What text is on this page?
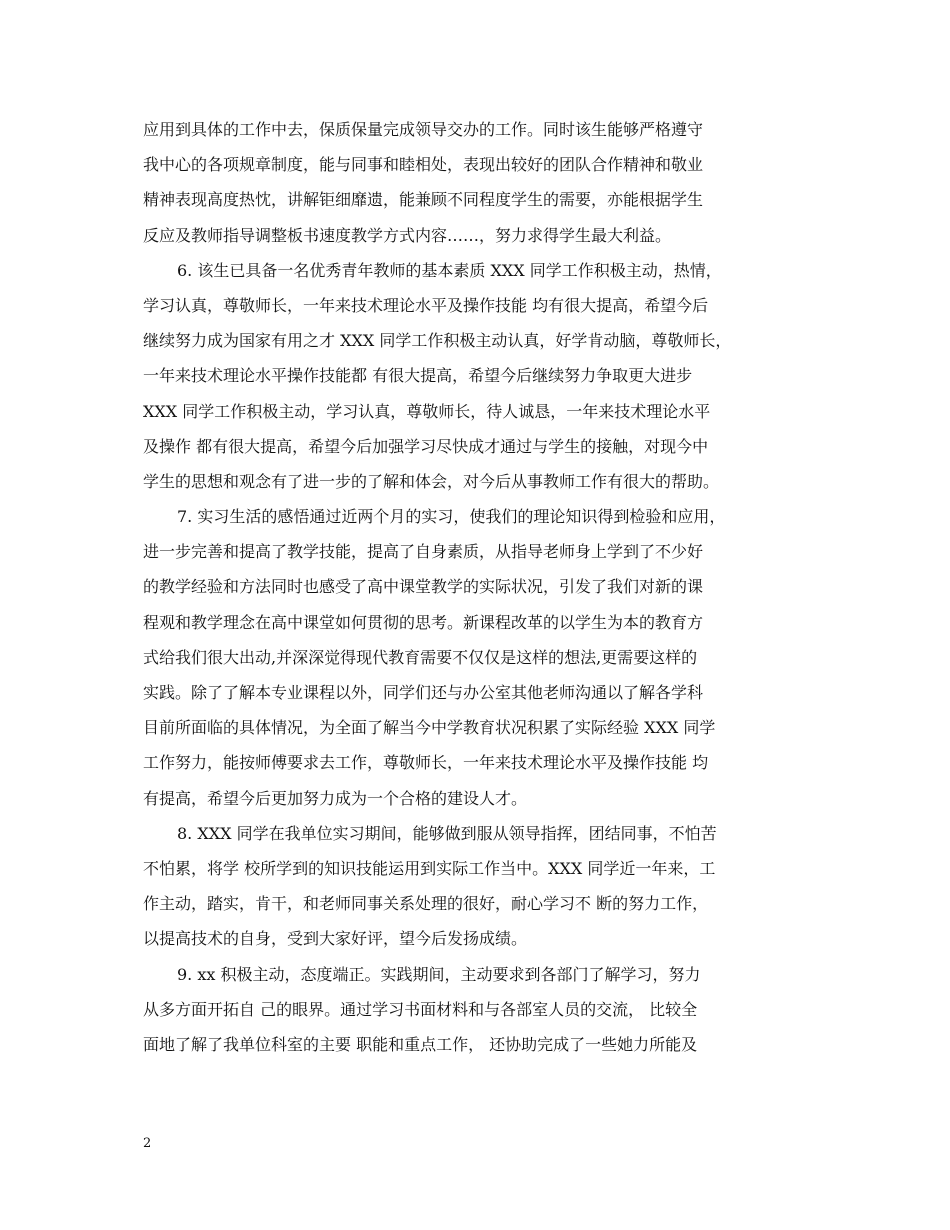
应用到具体的工作中去，保质保量完成领导交办的工作。同时该生能够严格遵守
我中心的各项规章制度，能与同事和睦相处，表现出较好的团队合作精神和敬业
精神表现高度热忱，讲解钜细靡遗，能兼顾不同程度学生的需要，亦能根据学生
反应及教师指导调整板书速度教学方式内容……，努力求得学生最大利益。
6. 该生已具备一名优秀青年教师的基本素质 XXX 同学工作积极主动，热情，
学习认真，尊敬师长，一年来技术理论水平及操作技能 均有很大提高，希望今后
继续努力成为国家有用之才 XXX 同学工作积极主动认真，好学肯动脑，尊敬师长，
一年来技术理论水平操作技能都 有很大提高，希望今后继续努力争取更大进步
XXX 同学工作积极主动，学习认真，尊敬师长，待人诚恳，一年来技术理论水平
及操作 都有很大提高，希望今后加强学习尽快成才通过与学生的接触，对现今中
学生的思想和观念有了进一步的了解和体会，对今后从事教师工作有很大的帮助。
7. 实习生活的感悟通过近两个月的实习，使我们的理论知识得到检验和应用，
进一步完善和提高了教学技能，提高了自身素质，从指导老师身上学到了不少好
的教学经验和方法同时也感受了高中课堂教学的实际状况，引发了我们对新的课
程观和教学理念在高中课堂如何贯彻的思考。新课程改革的以学生为本的教育方
式给我们很大出动,并深深觉得现代教育需要不仅仅是这样的想法,更需要这样的
实践。除了了解本专业课程以外，同学们还与办公室其他老师沟通以了解各学科
目前所面临的具体情况，为全面了解当今中学教育状况积累了实际经验 XXX 同学
工作努力，能按师傅要求去工作，尊敬师长，一年来技术理论水平及操作技能 均
有提高，希望今后更加努力成为一个合格的建设人才。
8. XXX 同学在我单位实习期间，能够做到服从领导指挥，团结同事，不怕苦
不怕累，将学 校所学到的知识技能运用到实际工作当中。XXX 同学近一年来，工
作主动，踏实，肯干，和老师同事关系处理的很好，耐心学习不 断的努力工作，
以提高技术的自身，受到大家好评，望今后发扬成绩。
9. xx 积极主动，态度端正。实践期间，主动要求到各部门了解学习，努力
从多方面开拓自 己的眼界。通过学习书面材料和与各部室人员的交流， 比较全
面地了解了我单位科室的主要 职能和重点工作， 还协助完成了一些她力所能及
2
